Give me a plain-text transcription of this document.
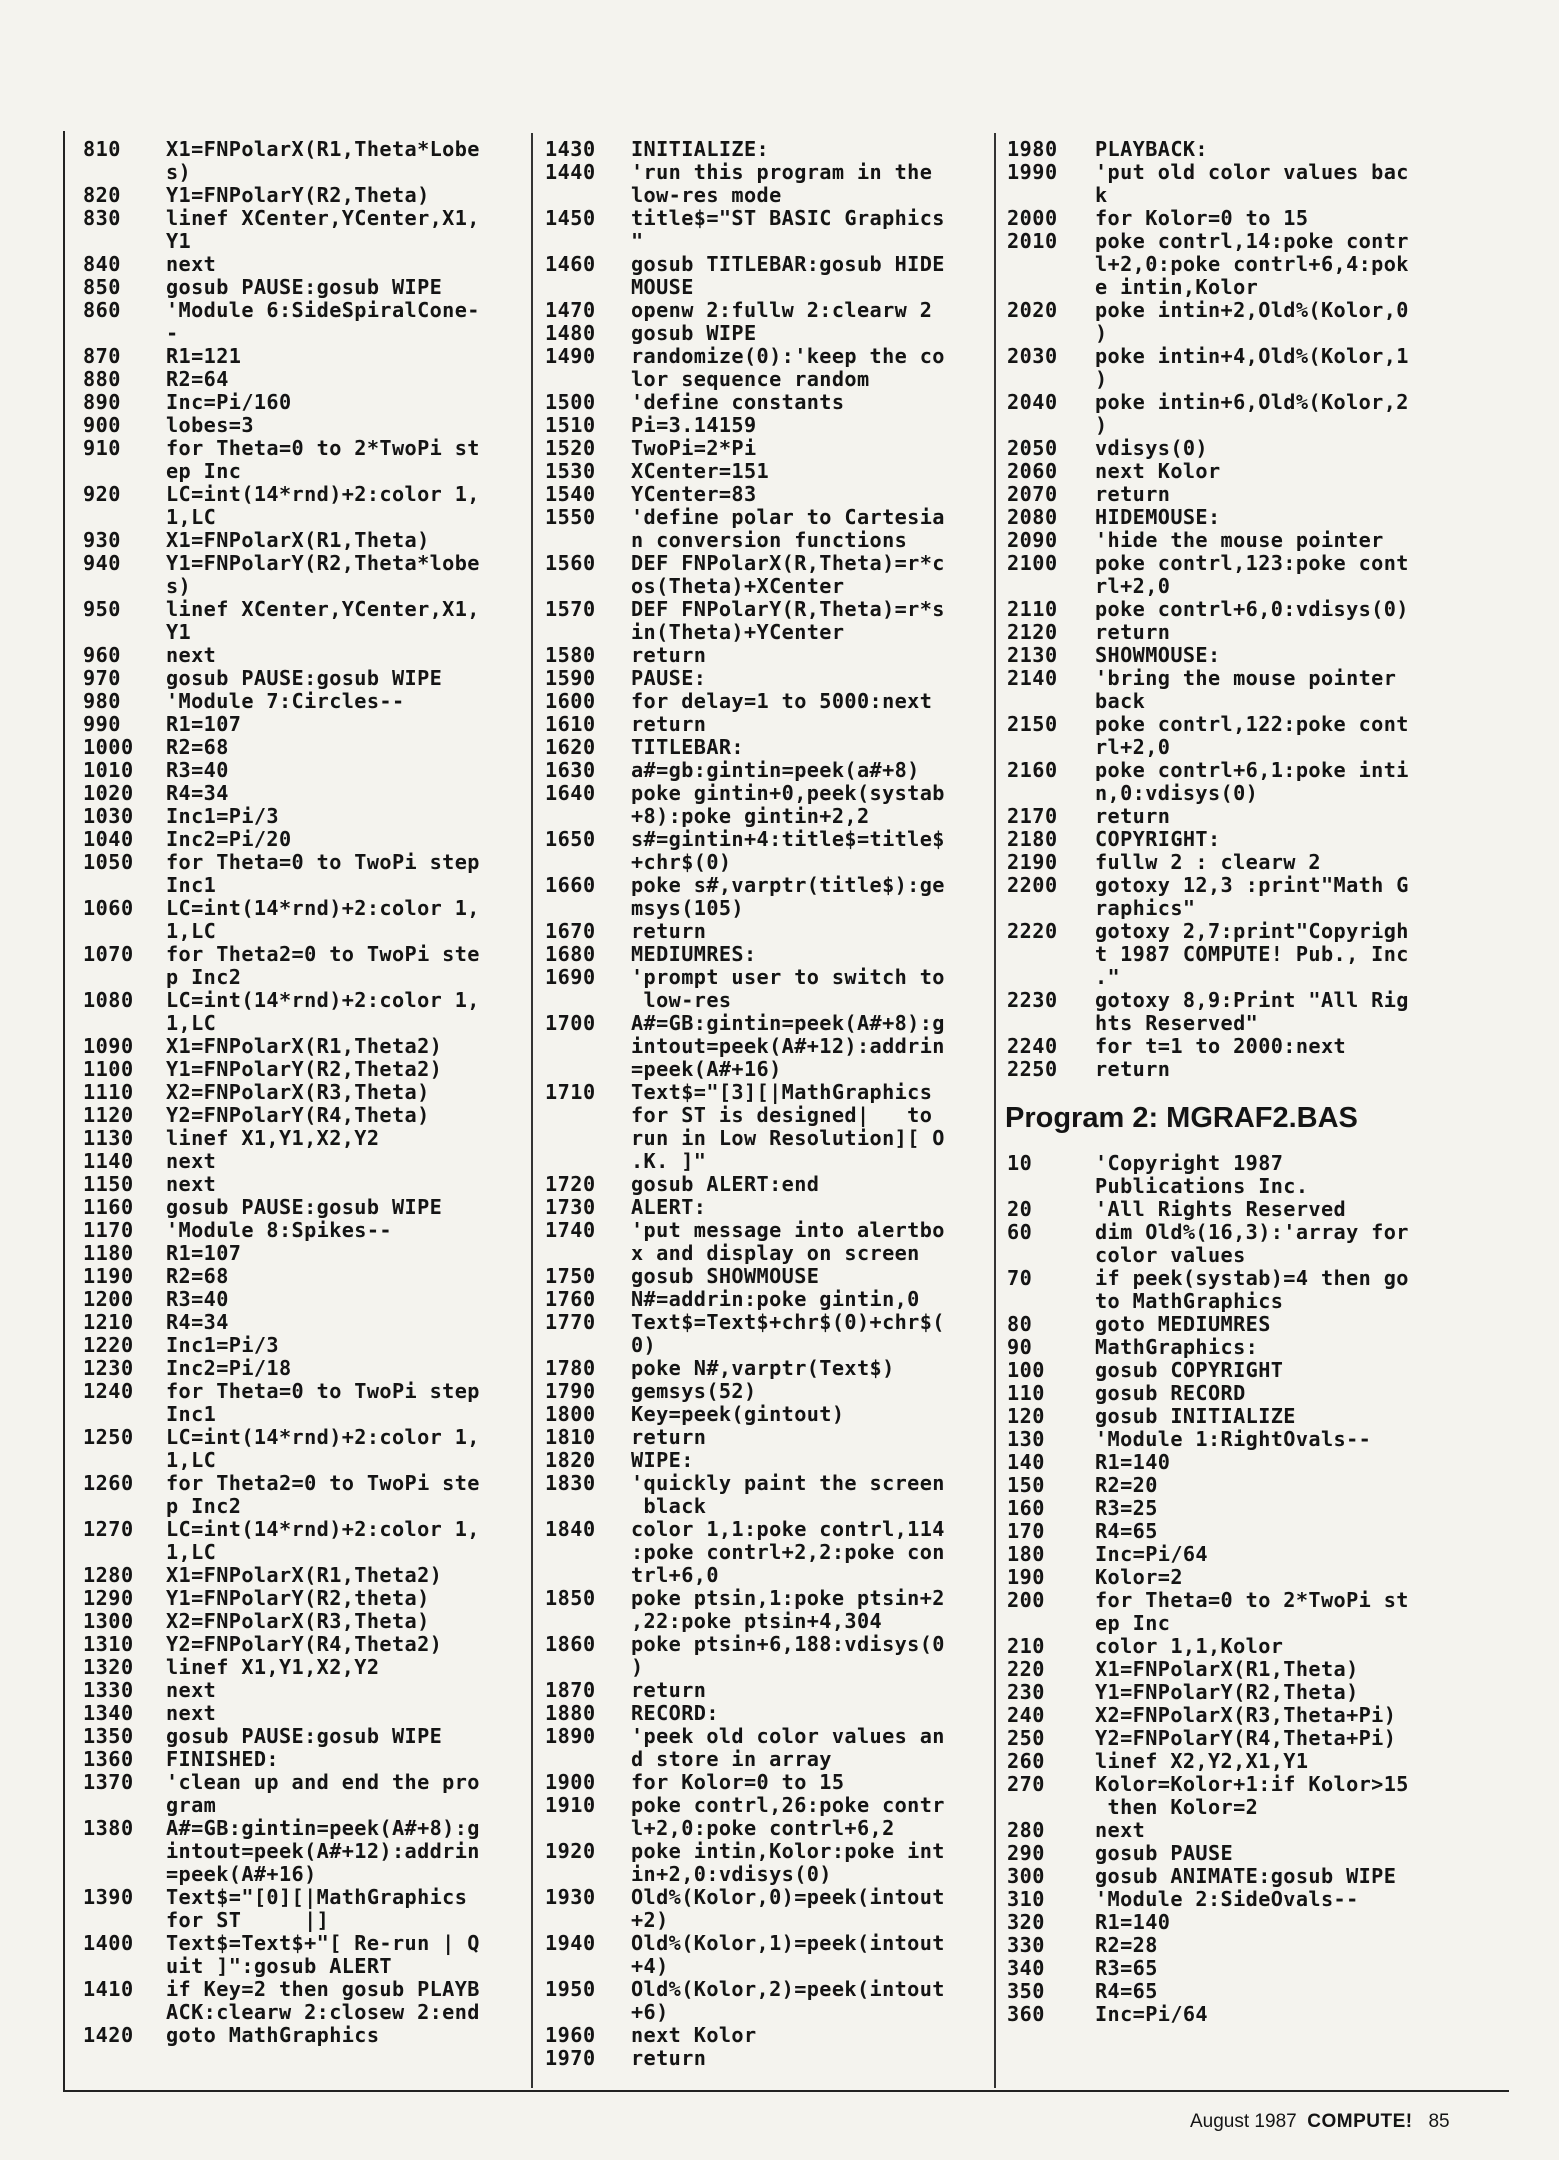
810	X1=FNPolarX(R1,Theta*Lobe
s)
820	Y1=FNPolarY(R2,Theta)
830	linef XCenter,YCenter,X1,
Y1
840	next
850	gosub PAUSE:gosub WIPE
860	'Module 6:SideSpiralCone-
-
870	R1=121
880	R2=64
890	Inc=Pi/160
900	lobes=3
910	for Theta=0 to 2*TwoPi st
ep Inc
920	LC=int(14*rnd)+2:color 1,
1,LC
930	X1=FNPolarX(R1,Theta)
940	Y1=FNPolarY(R2,Theta*lobe
s)
950	linef XCenter,YCenter,X1,
Y1
960	next
970	gosub PAUSE:gosub WIPE
980	'Module 7:Circles--
990	R1=107
1000	R2=68
1010	R3=40
1020	R4=34
1030	Inc1=Pi/3
1040	Inc2=Pi/20
1050	for Theta=0 to TwoPi step
Inc1
1060	LC=int(14*rnd)+2:color 1,
1,LC
1070	for Theta2=0 to TwoPi ste
p Inc2
1080	LC=int(14*rnd)+2:color 1,
1,LC
1090	X1=FNPolarX(R1,Theta2)
1100	Y1=FNPolarY(R2,Theta2)
1110	X2=FNPolarX(R3,Theta)
1120	Y2=FNPolarY(R4,Theta)
1130	linef X1,Y1,X2,Y2
1140	next
1150	next
1160	gosub PAUSE:gosub WIPE
1170	'Module 8:Spikes--
1180	R1=107
1190	R2=68
1200	R3=40
1210	R4=34
1220	Inc1=Pi/3
1230	Inc2=Pi/18
1240	for Theta=0 to TwoPi step
Inc1
1250	LC=int(14*rnd)+2:color 1,
1,LC
1260	for Theta2=0 to TwoPi ste
p Inc2
1270	LC=int(14*rnd)+2:color 1,
1,LC
1280	X1=FNPolarX(R1,Theta2)
1290	Y1=FNPolarY(R2,theta)
1300	X2=FNPolarX(R3,Theta)
1310	Y2=FNPolarY(R4,Theta2)
1320	linef X1,Y1,X2,Y2
1330	next
1340	next
1350	gosub PAUSE:gosub WIPE
1360	FINISHED:
1370	'clean up and end the pro
gram
1380	A#=GB:gintin=peek(A#+8):g
intout=peek(A#+12):addrin
=peek(A#+16)
1390	Text$="[0][|MathGraphics
for ST     |]
1400	Text$=Text$+"[ Re-run | Q
uit ]":gosub ALERT
1410	if Key=2 then gosub PLAYB
ACK:clearw 2:closew 2:end
1420	goto MathGraphics
1430	INITIALIZE:
1440	'run this program in the
low-res mode
1450	title$="ST BASIC Graphics
"
1460	gosub TITLEBAR:gosub HIDE
MOUSE
1470	openw 2:fullw 2:clearw 2
1480	gosub WIPE
1490	randomize(0):'keep the co
lor sequence random
1500	'define constants
1510	Pi=3.14159
1520	TwoPi=2*Pi
1530	XCenter=151
1540	YCenter=83
1550	'define polar to Cartesia
n conversion functions
1560	DEF FNPolarX(R,Theta)=r*c
os(Theta)+XCenter
1570	DEF FNPolarY(R,Theta)=r*s
in(Theta)+YCenter
1580	return
1590	PAUSE:
1600	for delay=1 to 5000:next
1610	return
1620	TITLEBAR:
1630	a#=gb:gintin=peek(a#+8)
1640	poke gintin+0,peek(systab
+8):poke gintin+2,2
1650	s#=gintin+4:title$=title$
+chr$(0)
1660	poke s#,varptr(title$):ge
msys(105)
1670	return
1680	MEDIUMRES:
1690	'prompt user to switch to
low-res
1700	A#=GB:gintin=peek(A#+8):g
intout=peek(A#+12):addrin
=peek(A#+16)
1710	Text$="[3][|MathGraphics
for ST is designed|   to
run in Low Resolution][ O
.K. ]"
1720	gosub ALERT:end
1730	ALERT:
1740	'put message into alertbo
x and display on screen
1750	gosub SHOWMOUSE
1760	N#=addrin:poke gintin,0
1770	Text$=Text$+chr$(0)+chr$(
0)
1780	poke N#,varptr(Text$)
1790	gemsys(52)
1800	Key=peek(gintout)
1810	return
1820	WIPE:
1830	'quickly paint the screen
black
1840	color 1,1:poke contrl,114
:poke contrl+2,2:poke con
trl+6,0
1850	poke ptsin,1:poke ptsin+2
,22:poke ptsin+4,304
1860	poke ptsin+6,188:vdisys(0
)
1870	return
1880	RECORD:
1890	'peek old color values an
d store in array
1900	for Kolor=0 to 15
1910	poke contrl,26:poke contr
l+2,0:poke contrl+6,2
1920	poke intin,Kolor:poke int
in+2,0:vdisys(0)
1930	Old%(Kolor,0)=peek(intout
+2)
1940	Old%(Kolor,1)=peek(intout
+4)
1950	Old%(Kolor,2)=peek(intout
+6)
1960	next Kolor
1970	return
1980	PLAYBACK:
1990	'put old color values bac
k
2000	for Kolor=0 to 15
2010	poke contrl,14:poke contr
l+2,0:poke contrl+6,4:pok
e intin,Kolor
2020	poke intin+2,Old%(Kolor,0
)
2030	poke intin+4,Old%(Kolor,1
)
2040	poke intin+6,Old%(Kolor,2
)
2050	vdisys(0)
2060	next Kolor
2070	return
2080	HIDEMOUSE:
2090	'hide the mouse pointer
2100	poke contrl,123:poke cont
rl+2,0
2110	poke contrl+6,0:vdisys(0)
2120	return
2130	SHOWMOUSE:
2140	'bring the mouse pointer
back
2150	poke contrl,122:poke cont
rl+2,0
2160	poke contrl+6,1:poke inti
n,0:vdisys(0)
2170	return
2180	COPYRIGHT:
2190	fullw 2 : clearw 2
2200	gotoxy 12,3 :print"Math G
raphics"
2220	gotoxy 2,7:print"Copyrigh
t 1987 COMPUTE! Pub., Inc
."
2230	gotoxy 8,9:Print "All Rig
hts Reserved"
2240	for t=1 to 2000:next
2250	return
Program 2: MGRAF2.BAS
10	'Copyright 1987
Publications Inc.
20	'All Rights Reserved
60	dim Old%(16,3):'array for
color values
70	if peek(systab)=4 then go
to MathGraphics
80	goto MEDIUMRES
90	MathGraphics:
100	gosub COPYRIGHT
110	gosub RECORD
120	gosub INITIALIZE
130	'Module 1:RightOvals--
140	R1=140
150	R2=20
160	R3=25
170	R4=65
180	Inc=Pi/64
190	Kolor=2
200	for Theta=0 to 2*TwoPi st
ep Inc
210	color 1,1,Kolor
220	X1=FNPolarX(R1,Theta)
230	Y1=FNPolarY(R2,Theta)
240	X2=FNPolarX(R3,Theta+Pi)
250	Y2=FNPolarY(R4,Theta+Pi)
260	linef X2,Y2,X1,Y1
270	Kolor=Kolor+1:if Kolor>15
then Kolor=2
280	next
290	gosub PAUSE
300	gosub ANIMATE:gosub WIPE
310	'Module 2:SideOvals--
320	R1=140
330	R2=28
340	R3=65
350	R4=65
360	Inc=Pi/64
August 1987 COMPUTE! 85
